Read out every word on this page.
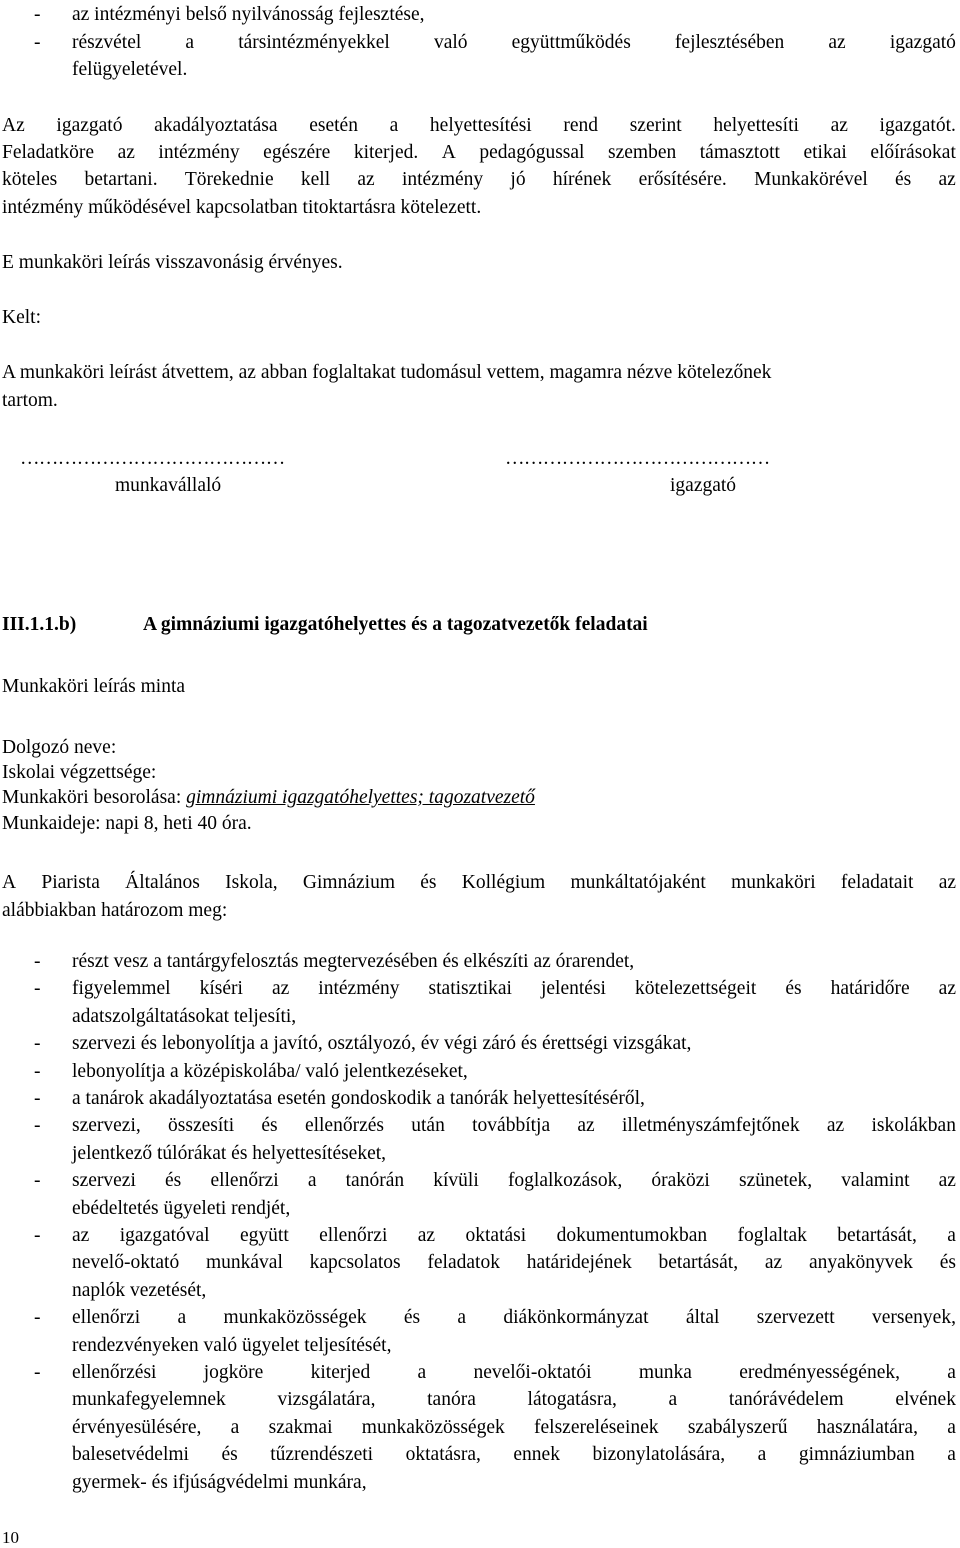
- az intézményi belső nyilvánosság fejlesztése,
- részvétel a társintézményekkel való együttműködés fejlesztésében az igazgató
felügyeletével.
Az igazgató akadályoztatása esetén a helyettesítési rend szerint helyettesíti az igazgatót.
Feladatköre az intézmény egészére kiterjed. A pedagógussal szemben támasztott etikai előírásokat
köteles betartani. Törekednie kell az intézmény jó hírének erősítésére. Munkakörével és az
intézmény működésével kapcsolatban titoktartásra kötelezett.
E munkaköri leírás visszavonásig érvényes.
Kelt:
A munkaköri leírást átvettem, az abban foglaltakat tudomásul vettem, magamra nézve kötelezőnek
tartom.
……………………………………	……………………………………
munkavállaló	igazgató
III.1.1.b)	A gimnáziumi igazgatóhelyettes és a tagozatvezetők feladatai
Munkaköri leírás minta
Dolgozó neve:
Iskolai végzettsége:
Munkaköri besorolása: gimnáziumi igazgatóhelyettes; tagozatvezető
Munkaideje: napi 8, heti 40 óra.
A Piarista Általános Iskola, Gimnázium és Kollégium munkáltatójaként munkaköri feladatait az
alábbiakban határozom meg:
- részt vesz a tantárgyfelosztás megtervezésében és elkészíti az órarendet,
- figyelemmel kíséri az intézmény statisztikai jelentési kötelezettségeit és határidőre az
adatszolgáltatásokat teljesíti,
- szervezi és lebonyolítja a javító, osztályozó, év végi záró és érettségi vizsgákat,
- lebonyolítja a középiskolába/ való jelentkezéseket,
- a tanárok akadályoztatása esetén gondoskodik a tanórák helyettesítéséről,
- szervezi, összesíti és ellenőrzés után továbbítja az illetményszámfejtőnek az iskolákban
jelentkező túlórákat és helyettesítéseket,
- szervezi és ellenőrzi a tanórán kívüli foglalkozások, óraközi szünetek, valamint az
ebédeltetés ügyeleti rendjét,
- az igazgatóval együtt ellenőrzi az oktatási dokumentumokban foglaltak betartását, a
nevelő-oktató munkával kapcsolatos feladatok határidejének betartását, az anyakönyvek és
naplók vezetését,
- ellenőrzi a munkaközösségek és a diákönkormányzat által szervezett versenyek,
rendezvényeken való ügyelet teljesítését,
- ellenőrzési jogköre kiterjed a nevelői-oktatói munka eredményességének, a
munkafegyelemnek	vizsgálatára,	tanóra	látogatásra,	a	tanórávédelem	elvének
érvényesülésére, a szakmai munkaközösségek felszereléseinek szabályszerű használatára, a
balesetvédelmi és tűzrendészeti oktatásra, ennek bizonylatolására, a gimnáziumban a
gyermek- és ifjúságvédelmi munkára,
10
